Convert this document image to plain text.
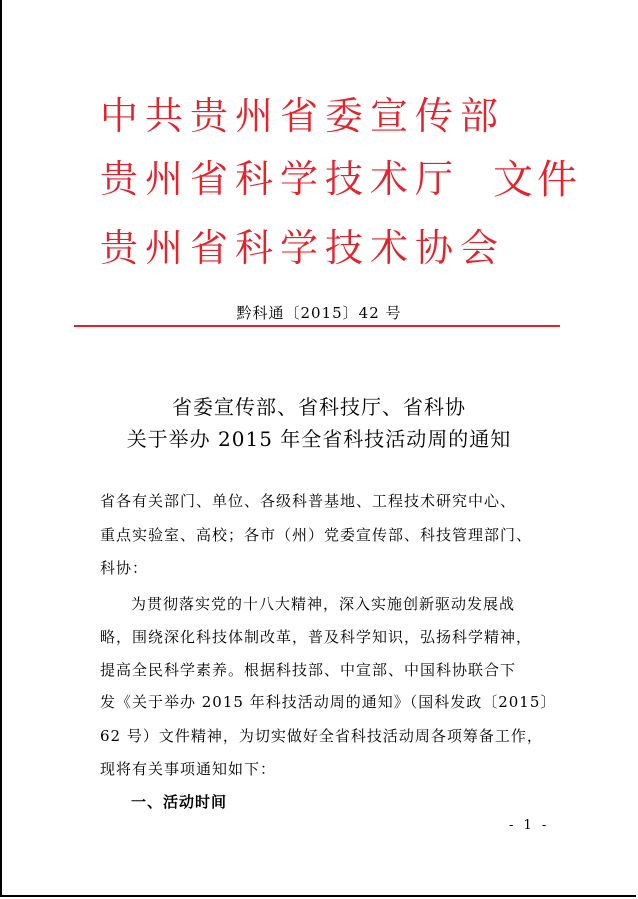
中共贵州省委宣传部
贵州省科学技术厅
贵州省科学技术协会
文件
黔科通〔2015〕42 号
省委宣传部、省科技厅、省科协
关于举办 2015 年全省科技活动周的通知
省各有关部门、单位、各级科普基地、工程技术研究中心、
重点实验室、高校；各市（州）党委宣传部、科技管理部门、
科协：
为贯彻落实党的十八大精神，深入实施创新驱动发展战
略，围绕深化科技体制改革，普及科学知识，弘扬科学精神，
提高全民科学素养。根据科技部、中宣部、中国科协联合下
发《关于举办 2015 年科技活动周的通知》（国科发政〔2015〕
62 号）文件精神，为切实做好全省科技活动周各项筹备工作，
现将有关事项通知如下：
一、活动时间
- 1 -
